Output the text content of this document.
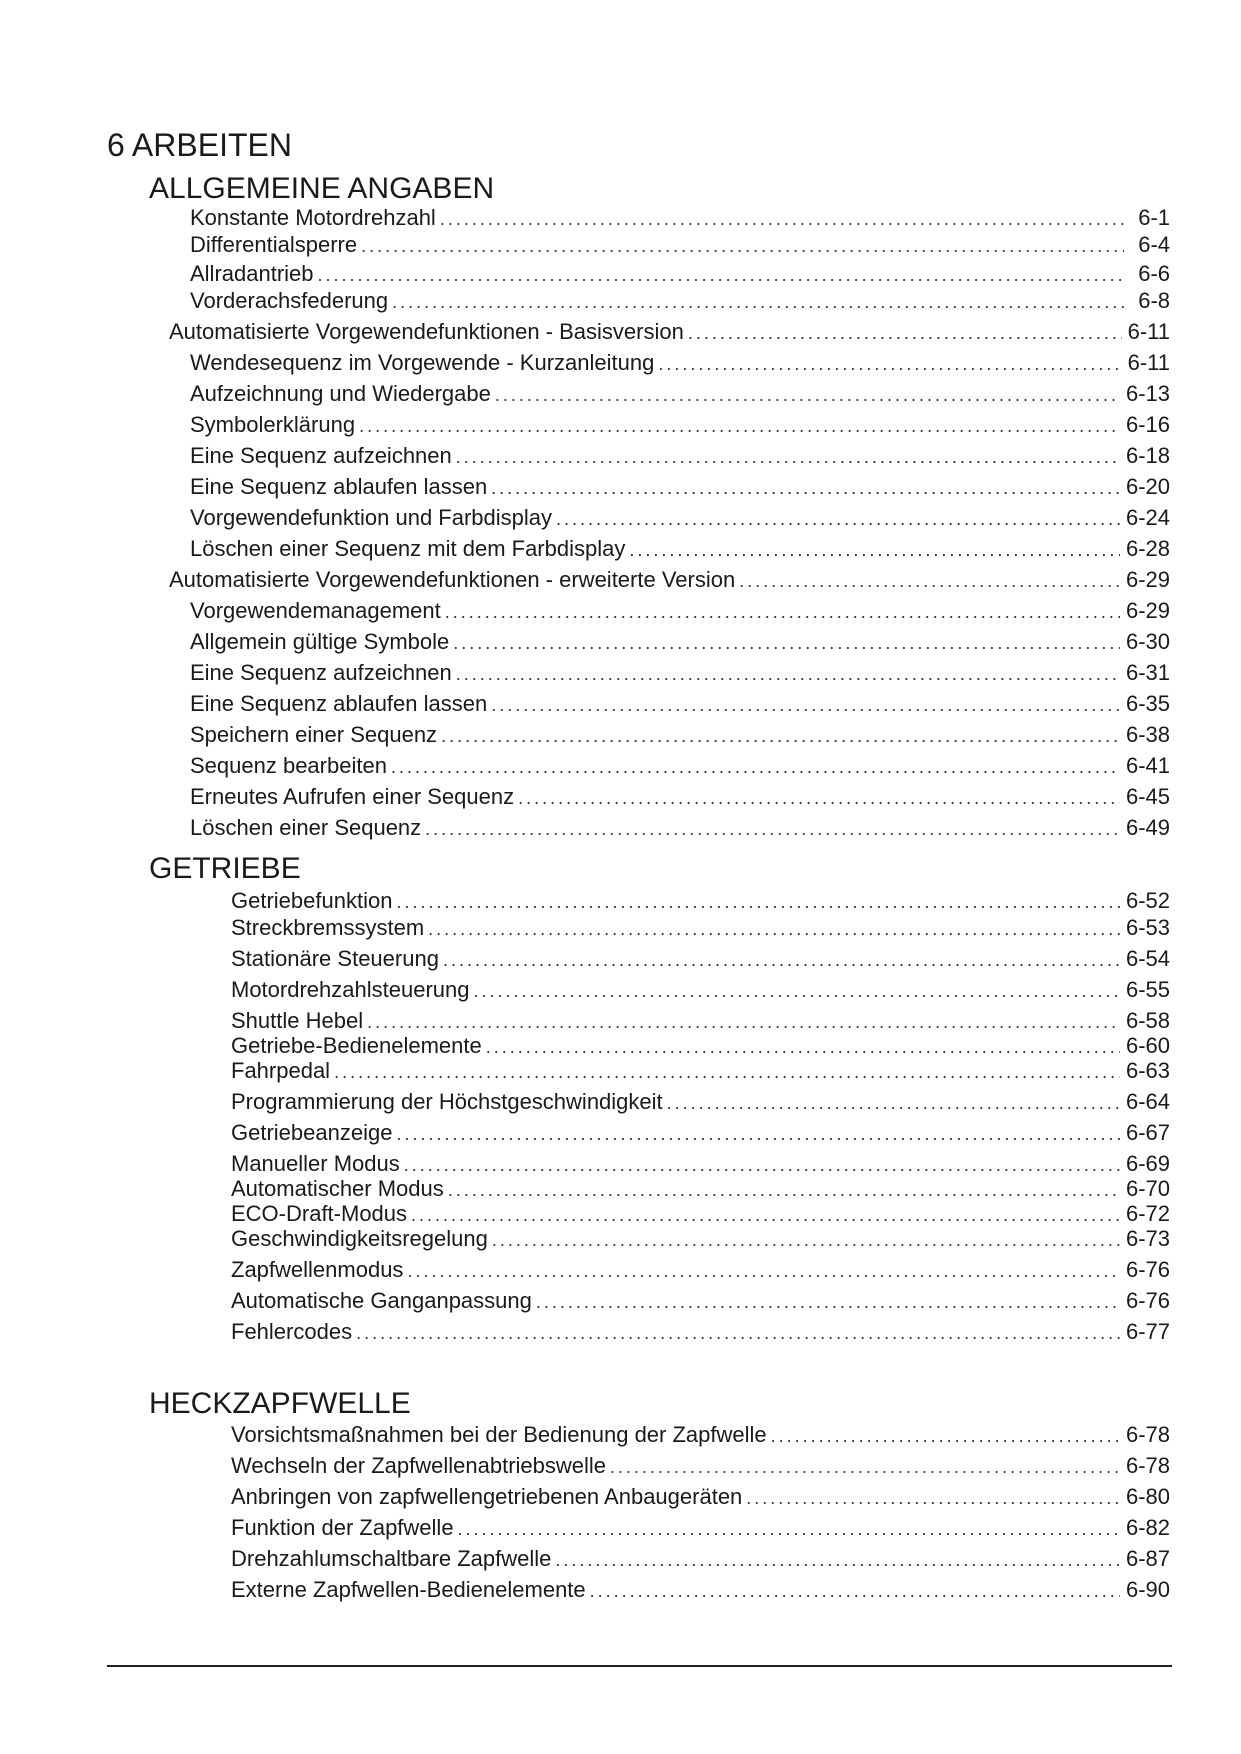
6 ARBEITEN
ALLGEMEINE ANGABEN
Konstante Motordrehzahl .....	6-1
Differentialsperre .....	6-4
Allradantrieb .....	6-6
Vorderachsfederung .....	6-8
Automatisierte Vorgewendefunktionen - Basisversion .....	6-11
Wendesequenz im Vorgewende - Kurzanleitung .....	6-11
Aufzeichnung und Wiedergabe .....	6-13
Symbolerklärung .....	6-16
Eine Sequenz aufzeichnen .....	6-18
Eine Sequenz ablaufen lassen .....	6-20
Vorgewendefunktion und Farbdisplay .....	6-24
Löschen einer Sequenz mit dem Farbdisplay .....	6-28
Automatisierte Vorgewendefunktionen - erweiterte Version .....	6-29
Vorgewendemanagement .....	6-29
Allgemein gültige Symbole .....	6-30
Eine Sequenz aufzeichnen .....	6-31
Eine Sequenz ablaufen lassen .....	6-35
Speichern einer Sequenz .....	6-38
Sequenz bearbeiten .....	6-41
Erneutes Aufrufen einer Sequenz .....	6-45
Löschen einer Sequenz .....	6-49
GETRIEBE
Getriebefunktion .....	6-52
Streckbremssystem .....	6-53
Stationäre Steuerung .....	6-54
Motordrehzahlsteuerung .....	6-55
Shuttle Hebel .....	6-58
Getriebe-Bedienelemente .....	6-60
Fahrpedal .....	6-63
Programmierung der Höchstgeschwindigkeit .....	6-64
Getriebeanzeige .....	6-67
Manueller Modus .....	6-69
Automatischer Modus .....	6-70
ECO-Draft-Modus .....	6-72
Geschwindigkeitsregelung .....	6-73
Zapfwellenmodus .....	6-76
Automatische Ganganpassung .....	6-76
Fehlercodes .....	6-77
HECKZAPFWELLE
Vorsichtsmaßnahmen bei der Bedienung der Zapfwelle .....	6-78
Wechseln der Zapfwellenabtriebswelle .....	6-78
Anbringen von zapfwellengetriebenen Anbaugeräten .....	6-80
Funktion der Zapfwelle .....	6-82
Drehzahlumschaltbare Zapfwelle .....	6-87
Externe Zapfwellen-Bedienelemente .....	6-90
